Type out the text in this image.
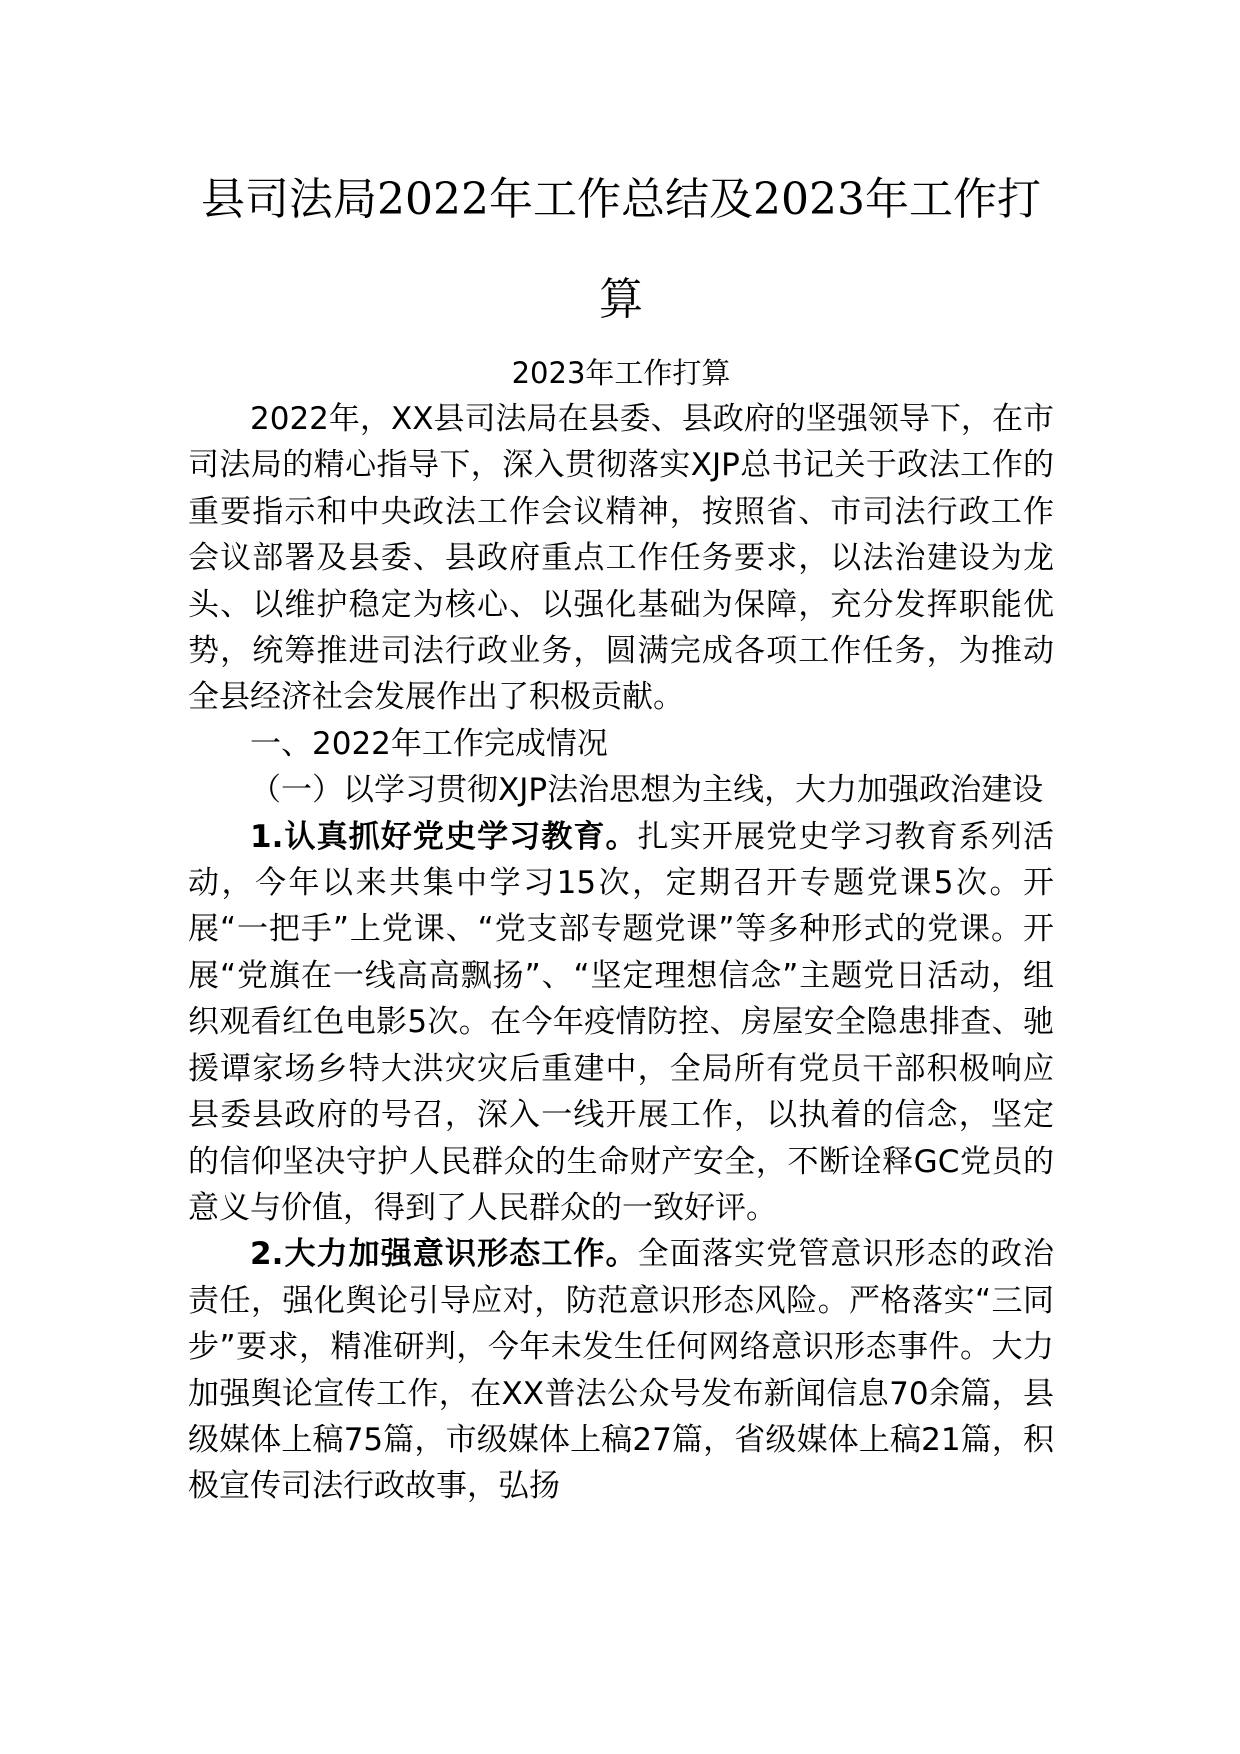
县司法局2022年工作总结及2023年工作打算

2023年工作打算

2022年，XX县司法局在县委、县政府的坚强领导下，在市司法局的精心指导下，深入贯彻落实XJP总书记关于政法工作的重要指示和中央政法工作会议精神，按照省、市司法行政工作会议部署及县委、县政府重点工作任务要求，以法治建设为龙头、以维护稳定为核心、以强化基础为保障，充分发挥职能优势，统筹推进司法行政业务，圆满完成各项工作任务，为推动全县经济社会发展作出了积极贡献。

一、2022年工作完成情况

（一）以学习贯彻XJP法治思想为主线，大力加强政治建设

1.认真抓好党史学习教育。扎实开展党史学习教育系列活动，今年以来共集中学习15次，定期召开专题党课5次。开展“一把手”上党课、“党支部专题党课”等多种形式的党课。开展“党旗在一线高高飘扬”、“坚定理想信念”主题党日活动，组织观看红色电影5次。在今年疫情防控、房屋安全隐患排查、驰援谭家场乡特大洪灾灾后重建中，全局所有党员干部积极响应县委县政府的号召，深入一线开展工作，以执着的信念，坚定的信仰坚决守护人民群众的生命财产安全，不断诠释GC党员的意义与价值，得到了人民群众的一致好评。

2.大力加强意识形态工作。全面落实党管意识形态的政治责任，强化舆论引导应对，防范意识形态风险。严格落实“三同步”要求，精准研判，今年未发生任何网络意识形态事件。大力加强舆论宣传工作，在XX普法公众号发布新闻信息70余篇，县级媒体上稿75篇，市级媒体上稿27篇，省级媒体上稿21篇，积极宣传司法行政故事，弘扬
